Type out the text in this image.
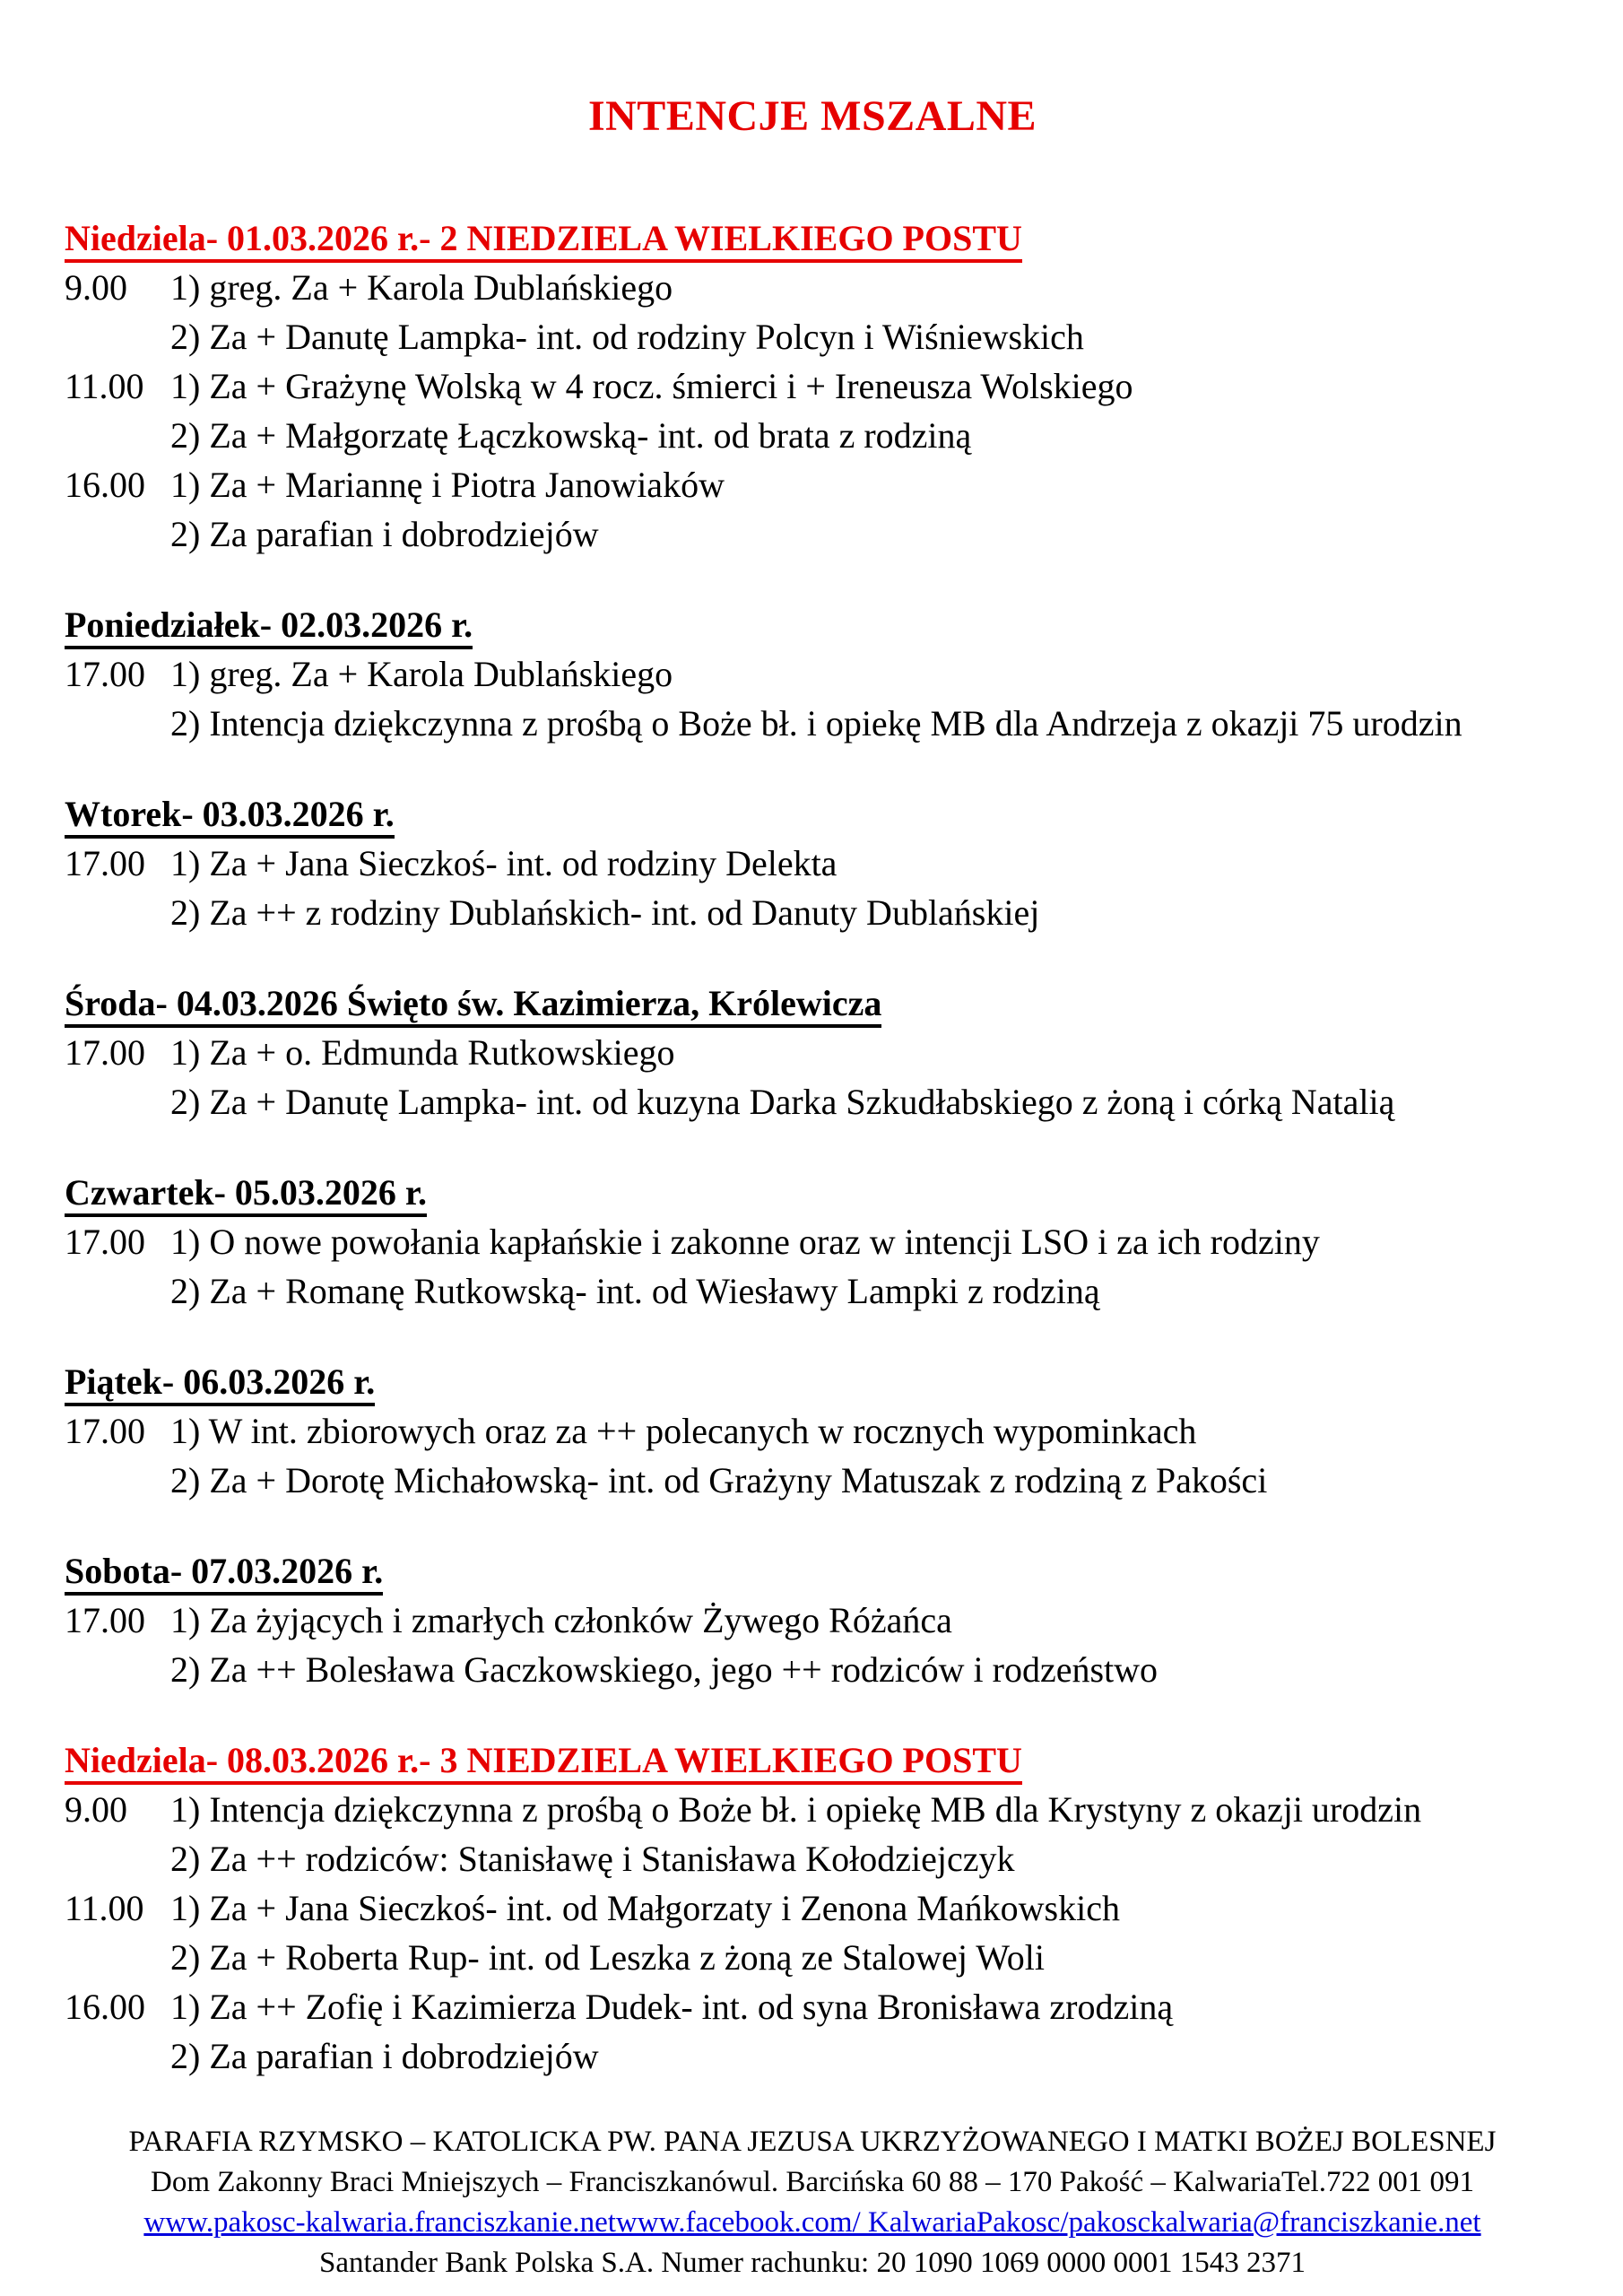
INTENCJE MSZALNE
Niedziela- 01.03.2026 r.- 2 NIEDZIELA WIELKIEGO POSTU
9.00	1) greg. Za + Karola Dublańskiego
2) Za + Danutę Lampka- int. od rodziny Polcyn i Wiśniewskich
11.00 1) Za + Grażynę Wolską w 4 rocz. śmierci i + Ireneusza Wolskiego
2) Za + Małgorzatę Łączkowską- int. od brata z rodziną
16.00 1) Za + Mariannę i Piotra Janowiaków
2) Za parafian i dobrodziejów
Poniedziałek- 02.03.2026 r.
17.00 1) greg. Za + Karola Dublańskiego
2) Intencja dziękczynna z prośbą o Boże bł. i opiekę MB dla Andrzeja z okazji 75 urodzin
Wtorek- 03.03.2026 r.
17.00 1) Za + Jana Sieczkoś- int. od rodziny Delekta
2) Za ++ z rodziny Dublańskich- int. od Danuty Dublańskiej
Środa- 04.03.2026 Święto św. Kazimierza, Królewicza
17.00 1) Za + o. Edmunda Rutkowskiego
2) Za + Danutę Lampka- int. od kuzyna Darka Szkudłabskiego z żoną i córką Natalią
Czwartek- 05.03.2026 r.
17.00 1) O nowe powołania kapłańskie i zakonne oraz w intencji LSO i za ich rodziny
2) Za + Romanę Rutkowską- int. od Wiesławy Lampki z rodziną
Piątek- 06.03.2026 r.
17.00 1) W int. zbiorowych oraz za ++ polecanych w rocznych wypominkach
2) Za + Dorotę Michałowską- int. od Grażyny Matuszak z rodziną z Pakości
Sobota- 07.03.2026 r.
17.00 1) Za żyjących i zmarłych członków Żywego Różańca
2) Za ++ Bolesława Gaczkowskiego, jego ++ rodziców i rodzeństwo
Niedziela- 08.03.2026 r.- 3 NIEDZIELA WIELKIEGO POSTU
9.00	1) Intencja dziękczynna z prośbą o Boże bł. i opiekę MB dla Krystyny z okazji urodzin
2) Za ++ rodziców: Stanisławę i Stanisława Kołodziejczyk
11.00 1) Za + Jana Sieczkoś- int. od Małgorzaty i Zenona Mańkowskich
2) Za + Roberta Rup- int. od Leszka z żoną ze Stalowej Woli
16.00 1) Za ++ Zofię i Kazimierza Dudek- int. od syna Bronisława zrodziną
2) Za parafian i dobrodziejów
PARAFIA RZYMSKO – KATOLICKA PW. PANA JEZUSA UKRZYŻOWANEGO I MATKI BOŻEJ BOLESNEJ
Dom Zakonny Braci Mniejszych – Franciszkanówul. Barcińska 60 88 – 170 Pakość – KalwariaTel.722 001 091
www.pakosc-kalwaria.franciszkanie.netwww.facebook.com/ KalwariaPakosc/pakosckalwaria@franciszkanie.net
Santander Bank Polska S.A. Numer rachunku: 20 1090 1069 0000 0001 1543 2371
